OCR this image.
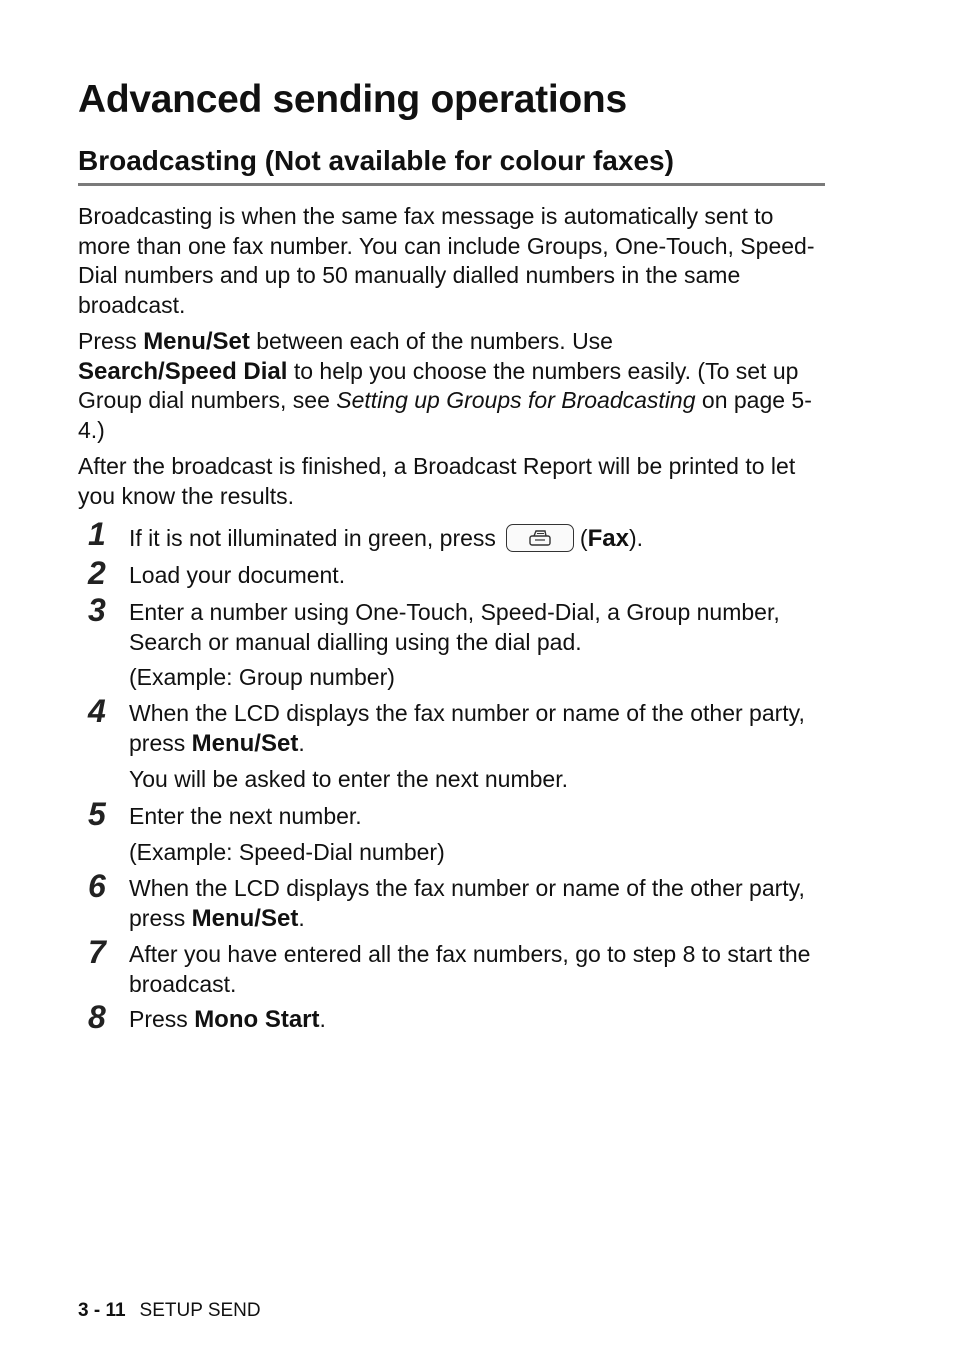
Advanced sending operations
Broadcasting (Not available for colour faxes)

Broadcasting is when the same fax message is automatically sent to more than one fax number. You can include Groups, One-Touch, Speed-Dial numbers and up to 50 manually dialled numbers in the same broadcast.

Press Menu/Set between each of the numbers. Use
Search/Speed Dial to help you choose the numbers easily. (To set up Group dial numbers, see Setting up Groups for Broadcasting on page 5-4.)

After the broadcast is finished, a Broadcast Report will be printed to let you know the results.

1 If it is not illuminated in green, press	(Fax).

2 Load your document.

3 Enter a number using One-Touch, Speed-Dial, a Group number, Search or manual dialling using the dial pad.

(Example: Group number)

4 When the LCD displays the fax number or name of the other party, press Menu/Set.

You will be asked to enter the next number.

5 Enter the next number.

(Example: Speed-Dial number)

6 When the LCD displays the fax number or name of the other party, press Menu/Set.

7 After you have entered all the fax numbers, go to step 8 to start the broadcast.

8 Press Mono Start.

3 - 11 SETUP SEND
